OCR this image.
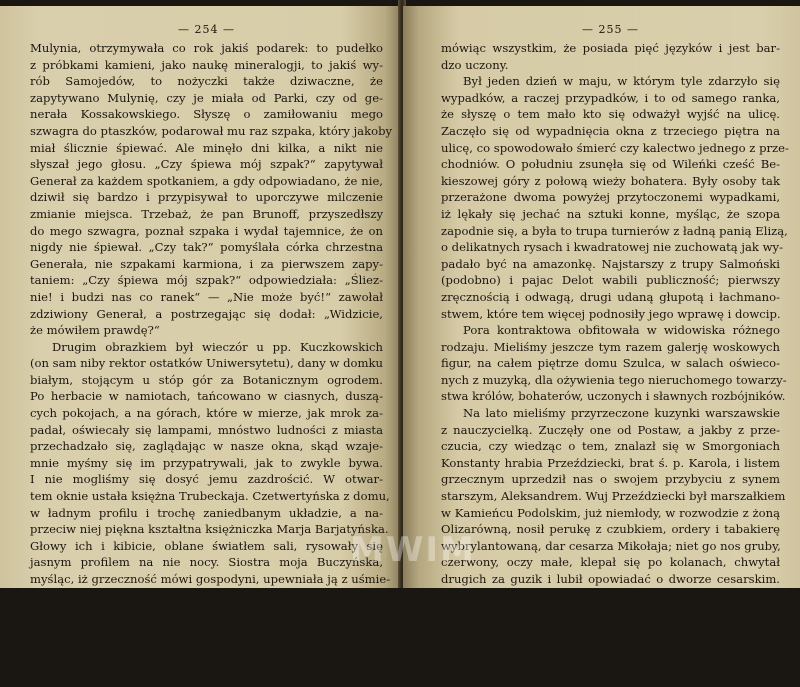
— 254 —
Mulynia, otrzymywała co rok jakiś podarek: to pudełko
z próbkami kamieni, jako naukę mineralogji, to jakiś wy-
rób Samojedów, to nożyczki także dziwaczne, że
zapytywano Mulynię, czy je miała od Parki, czy od ge-
nerała Kossakowskiego. Słyszę o zamiłowaniu mego
szwagra do ptaszków, podarował mu raz szpaka, który jakoby
miał ślicznie śpiewać. Ale minęło dni kilka, a nikt nie
słyszał jego głosu. „Czy śpiewa mój szpak?“ zapytywał
Generał za każdem spotkaniem, a gdy odpowiadano, że nie,
dziwił się bardzo i przypisywał to uporczywe milczenie
zmianie miejsca. Trzebaż, że pan Brunoff, przyszedłszy
do mego szwagra, poznał szpaka i wydał tajemnice, że on
nigdy nie śpiewał. „Czy tak?“ pomyślała córka chrzestna
Generała, nie szpakami karmiona, i za pierwszem zapy-
taniem: „Czy śpiewa mój szpak?“ odpowiedziała: „Śliez-
nie! i budzi nas co ranek“ — „Nie może być!“ zawołał
zdziwiony Generał, a postrzegając się dodał: „Widzicie,
że mówiłem prawdę?“
Drugim obrazkiem był wieczór u pp. Kuczkowskich
(on sam niby rektor ostatków Uniwersytetu), dany w domku
białym, stojącym u stóp gór za Botanicznym ogrodem.
Po herbacie w namiotach, tańcowano w ciasnych, duszą-
cych pokojach, a na górach, które w mierze, jak mrok za-
padał, oświecały się lampami, mnóstwo ludności z miasta
przechadzało się, zaglądając w nasze okna, skąd wzaje-
mnie myśmy się im przypatrywali, jak to zwykle bywa.
I nie mogliśmy się dosyć jemu zazdrościć. W otwar-
tem oknie ustała księżna Trubeckaja. Czetwertyńska z domu,
w ładnym profilu i trochę zaniedbanym układzie, a na-
przeciw niej piękna kształtna księżniczka Marja Barjatyńska.
Głowy ich i kibicie, oblane światłem sali, rysowały się
jasnym profilem na nie nocy. Siostra moja Buczyńska,
myśląc, iż grzeczność mówi gospodyni, upewniała ją z uśmie-
chem, że tłum, chodzący po górach, pewno lepiej się od
nas bawi — „To bardzo być może“, odpowiedziała nie-
zrozumiana tem gospodyni, obracając dużemi niebieskiemi
oczami po warszawsku, skąd była rodem, a tymczasem
mąż jej, pan Generał, przechadzał się nieporównywając
jak lindor, którego z postawy i nadstawności przypominał.
— 255 —
mówiąc wszystkim, że posiada pięć języków i jest bar-
dzo uczony.
Był jeden dzień w maju, w którym tyle zdarzyło się
wypadków, a raczej przypadków, i to od samego ranka,
że słyszę o tem mało kto się odważył wyjść na ulicę.
Zaczęło się od wypadnięcia okna z trzeciego piętra na
ulicę, co spowodowało śmierć czy kalectwo jednego z prze-
chodniów. O południu zsunęła się od Wileńki cześć Be-
kieszowej góry z połową wieży bohatera. Były osoby tak
przerażone dwoma powyżej przytoczonemi wypadkami,
iż lękały się jechać na sztuki konne, myśląc, że szopa
zapodnie się, a była to trupa turnierów z ładną panią Elizą,
o delikatnych rysach i kwadratowej nie zuchowatą jak wy-
padało być na amazonkę. Najstarszy z trupy Salmoński
(podobno) i pajac Delot wabili publiczność; pierwszy
zręcznością i odwagą, drugi udaną głupotą i łachmano-
stwem, które tem więcej podnosiły jego wprawę i dowcip.
Pora kontraktowa obfitowała w widowiska różnego
rodzaju. Mieliśmy jeszcze tym razem galerję woskowych
figur, na całem piętrze domu Szulca, w salach oświeco-
nych z muzyką, dla ożywienia tego nieruchomego towarzy-
stwa królów, bohaterów, uczonych i sławnych rozbójników.
Na lato mieliśmy przyrzeczone kuzynki warszawskie
z nauczycielką. Zuczęły one od Postaw, a jakby z prze-
czucia, czy wiedząc o tem, znalazł się w Smorgoniach
Konstanty hrabia Przeździecki, brat ś. p. Karola, i listem
grzecznym uprzedził nas o swojem przybyciu z synem
starszym, Aleksandrem. Wuj Przeździecki był marszałkiem
w Kamieńcu Podolskim, już niemłody, w rozwodzie z żoną
Olizarówną, nosił perukę z czubkiem, ordery i tabakierę
wybrylantowaną, dar cesarza Mikołaja; niet go nos gruby,
czerwony, oczy małe, klepał się po kolanach, chwytał
drugich za guzik i lubił opowiadać o dworze cesarskim.
Bywał w Dobrowłanach prawie co rok, bo arendo-
wał Smorgonie, i zawsze obiecywał nam przywieźć synów
swoich, ale jakoś nie przypominał tej obietnicy, aż gdy
najstarsza z pięciu Tyzenhauzówien doszła lat szesnastu.
Był to właśnie miesiąc lipiec, pora najkorzystniejsza dla
wsi, szczególniej takiej, jak Dobrowłany, gdzie była zawsze
MWIM
